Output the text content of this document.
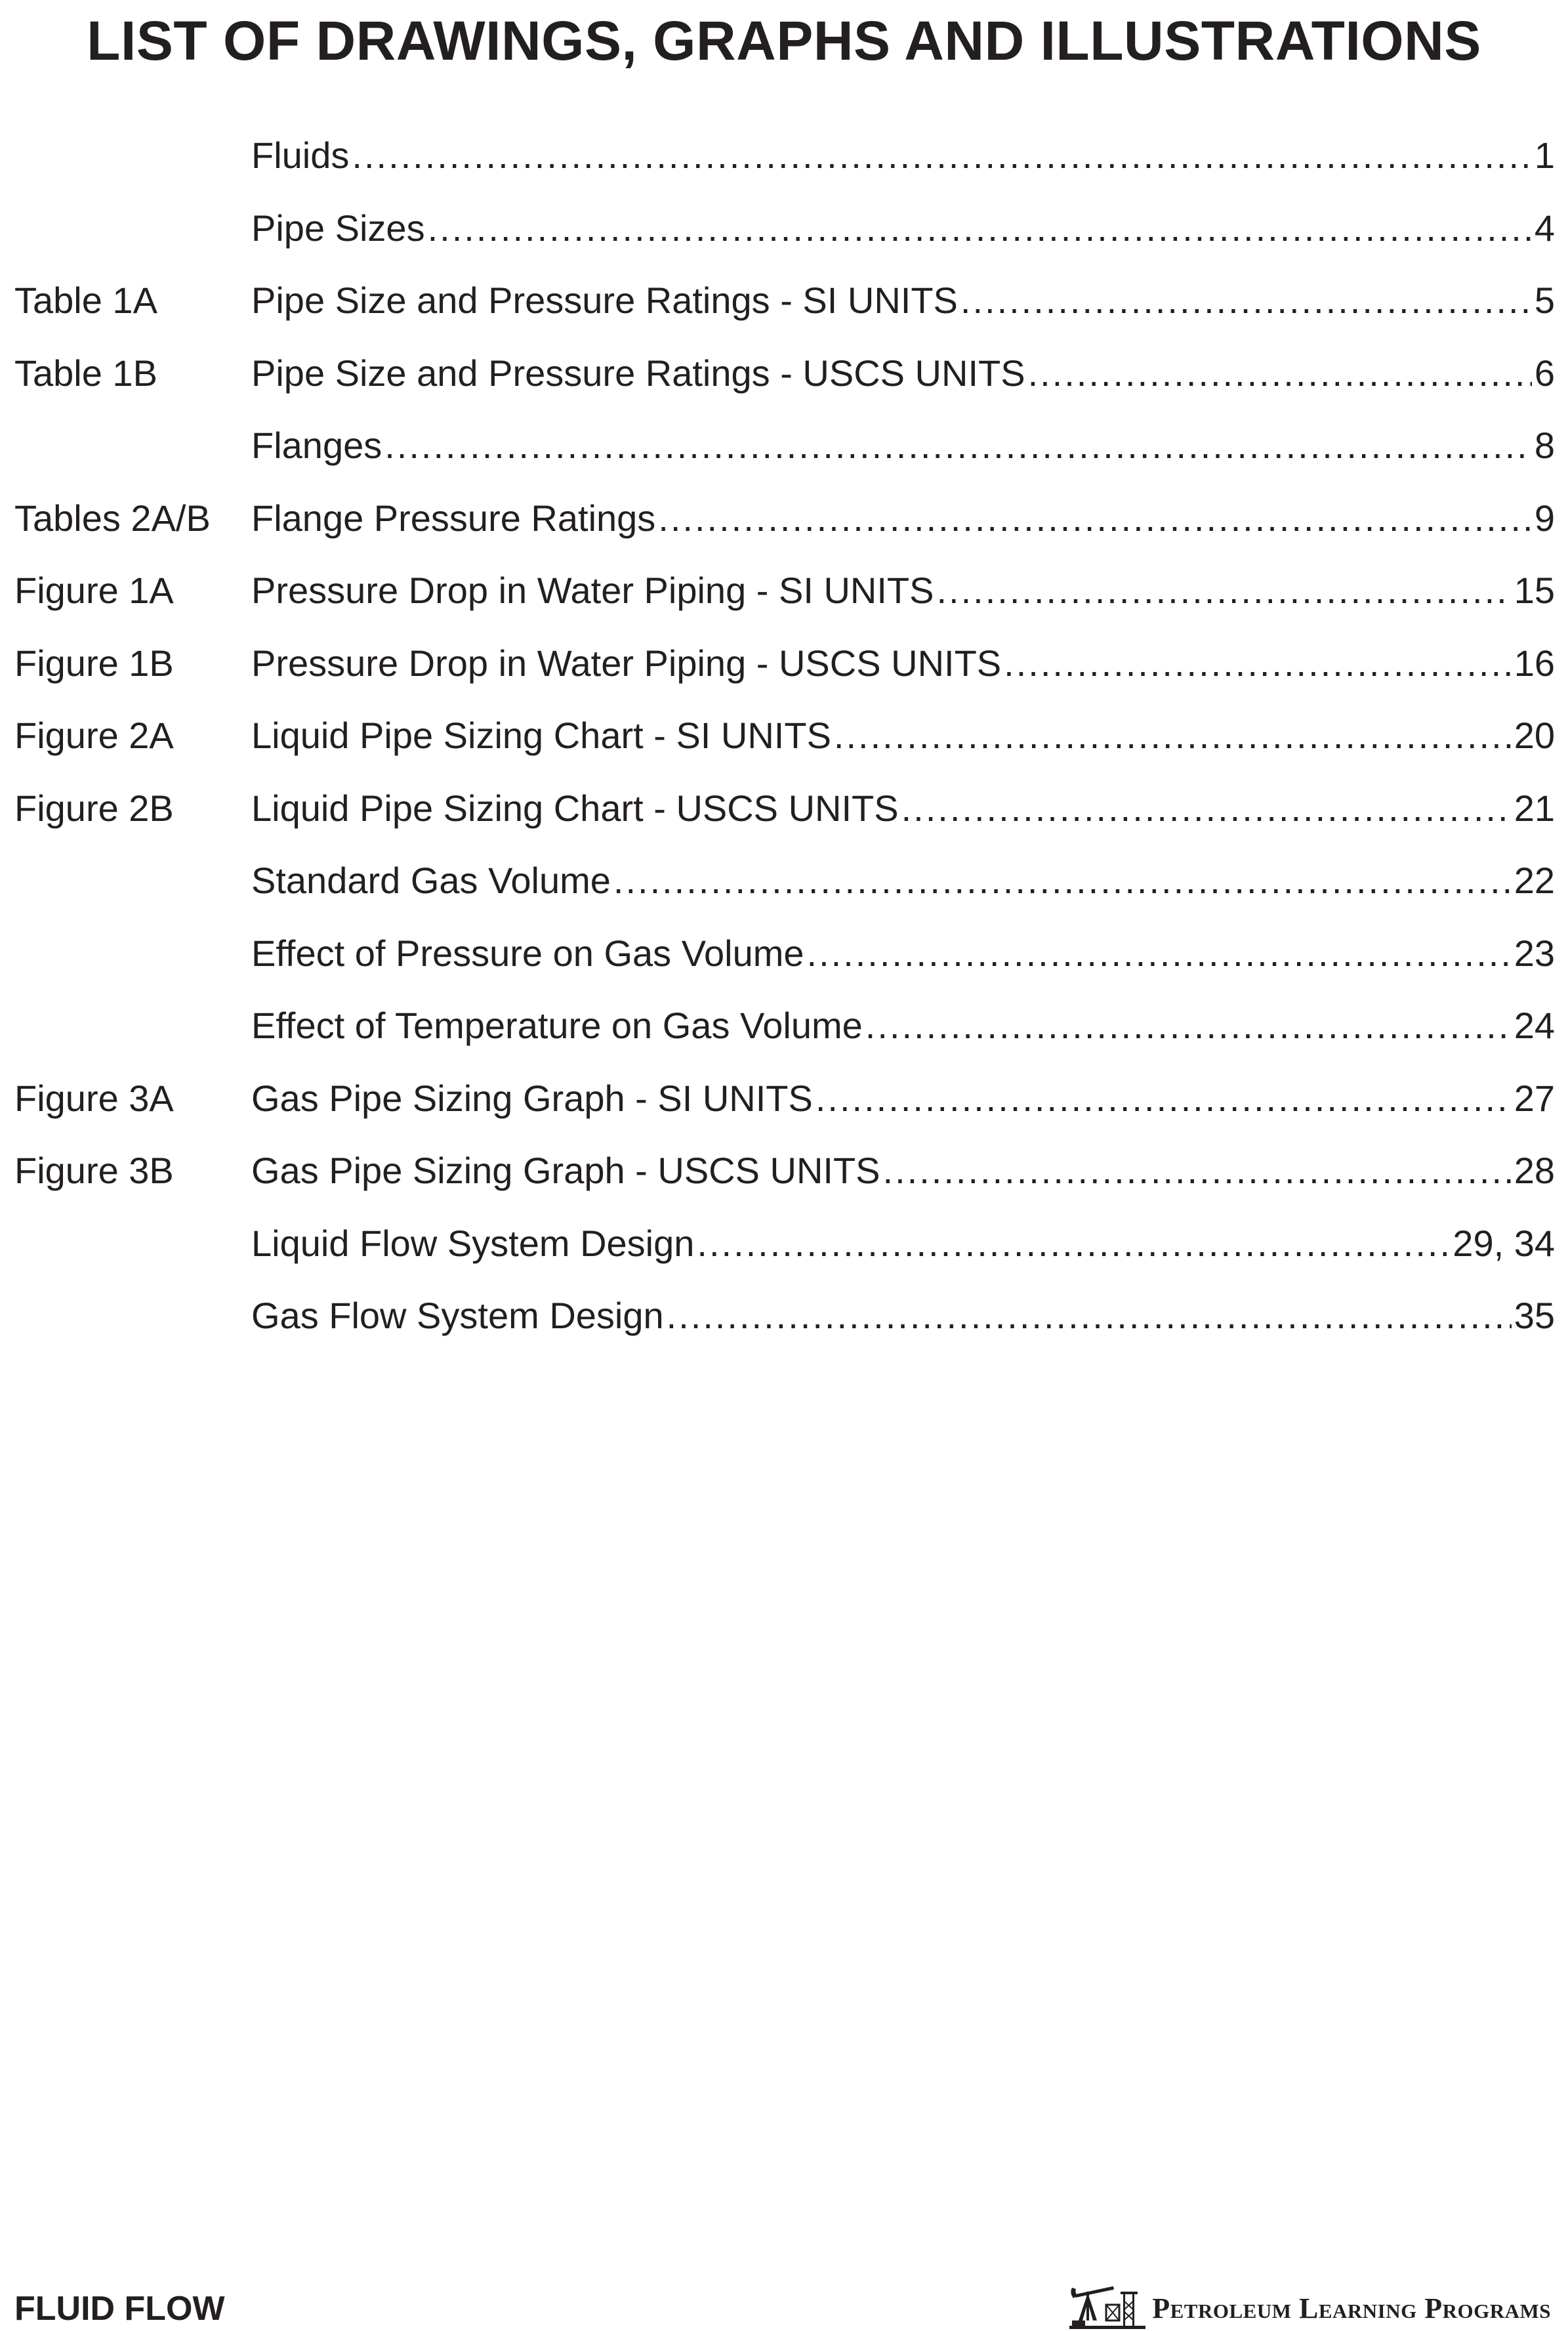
LIST OF DRAWINGS, GRAPHS AND ILLUSTRATIONS
Fluids .....	1
Pipe Sizes .....	4
Table 1A	Pipe Size and Pressure Ratings - SI UNITS .....	5
Table 1B	Pipe Size and Pressure Ratings - USCS UNITS .....	6
Flanges .....	8
Tables 2A/B	Flange Pressure Ratings .....	9
Figure 1A	Pressure Drop in Water Piping - SI UNITS .....	15
Figure 1B	Pressure Drop in Water Piping - USCS UNITS .....	16
Figure 2A	Liquid Pipe Sizing Chart - SI UNITS .....	20
Figure 2B	Liquid Pipe Sizing Chart - USCS UNITS .....	21
Standard Gas Volume .....	22
Effect of Pressure on Gas Volume .....	23
Effect of Temperature on Gas Volume .....	24
Figure 3A	Gas Pipe Sizing Graph - SI UNITS .....	27
Figure 3B	Gas Pipe Sizing Graph - USCS UNITS .....	28
Liquid Flow System Design .....	29, 34
Gas Flow System Design .....	35
FLUID FLOW	Petroleum Learning Programs
